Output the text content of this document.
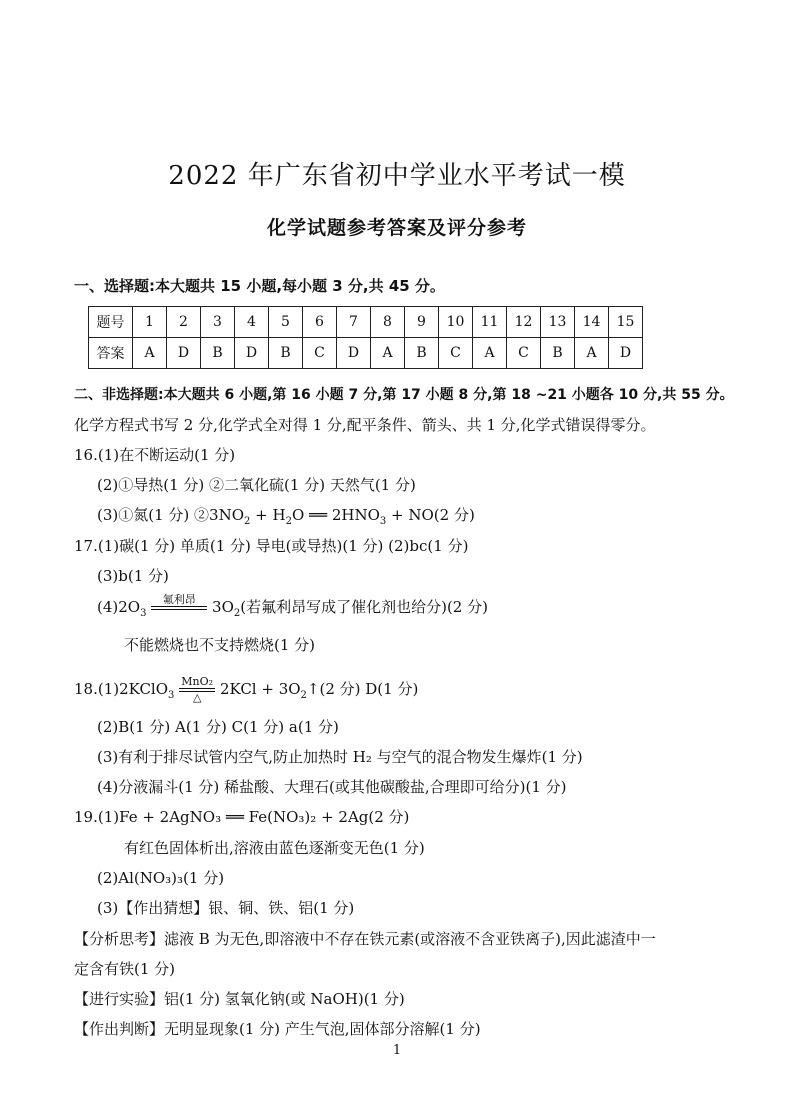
2022 年广东省初中学业水平考试一模
化学试题参考答案及评分参考
一、选择题:本大题共 15 小题,每小题 3 分,共 45 分。
题号	1	2	3	4	5	6	7	8	9	10	11	12	13	14	15
答案	A	D	B	D	B	C	D	A	B	C	A	C	B	A	D
二、非选择题:本大题共 6 小题,第 16 小题 7 分,第 17 小题 8 分,第 18 ~21 小题各 10 分,共 55 分。
化学方程式书写 2 分,化学式全对得 1 分,配平条件、箭头、共 1 分,化学式错误得零分。
16.(1)在不断运动(1 分)
(2)①导热(1 分) ②二氧化硫(1 分) 天然气(1 分)
(3)①氮(1 分) $②3NO_2 + H_2O$ ══ $2HNO_3 + NO(2$ 分)
17.(1)碳(1 分) 单质(1 分) 导电(或导热)(1 分) (2)bc(1 分)
(3)b(1 分)
$(4)2O_3$
氟利昂	$3O_2$(若氟利昂写成了催化剂也给分)(2 分)
不能燃烧也不支持燃烧(1 分)
18.(1)2KClO$_3$ $\frac{\text{MnO₂}}{\triangle} 2KCl$ + $3O_2↑(2$ 分) D(1 分)
(2)B(1 分) A(1 分) C(1 分) a(1 分)
(3)有利于排尽试管内空气,防止加热时 H₂ 与空气的混合物发生爆炸(1 分)
(4)分液漏斗(1 分) 稀盐酸、大理石(或其他碳酸盐,合理即可给分)(1 分)
19.(1)Fe + 2AgNO₃ ══ Fe(NO₃)₂ + 2Ag(2 分)
有红色固体析出,溶液由蓝色逐渐变无色(1 分)
(2)Al(NO₃)₃(1 分)
(3)【作出猜想】银、铜、铁、铝(1 分)
【分析思考】滤液 B 为无色,即溶液中不存在铁元素(或溶液不含亚铁离子),因此滤渣中一
定含有铁(1 分)
【进行实验】铝(1 分) 氢氧化钠(或 NaOH)(1 分)
【作出判断】无明显现象(1 分) 产生气泡,固体部分溶解(1 分)
1
